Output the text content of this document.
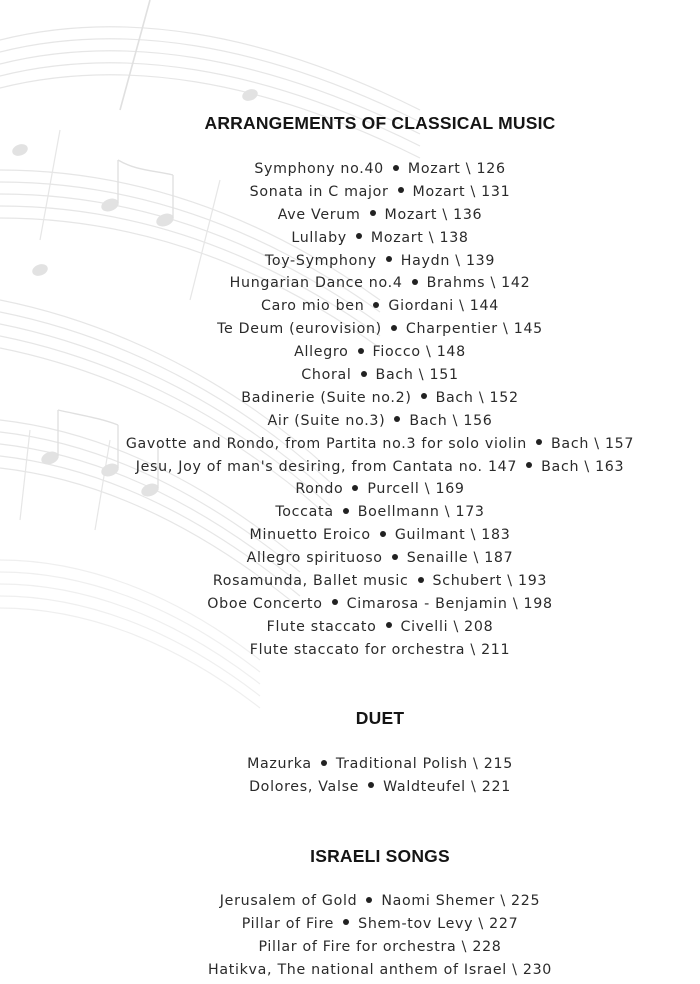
ARRANGEMENTS OF CLASSICAL MUSIC
Symphony no.40 Mozart \ 126
Sonata in C major Mozart \ 131
Ave Verum Mozart \ 136
Lullaby Mozart \ 138
Toy-Symphony Haydn \ 139
Hungarian Dance no.4 Brahms \ 142
Caro mio ben Giordani \ 144
Te Deum (eurovision) Charpentier \ 145
Allegro Fiocco \ 148
Choral Bach \ 151
Badinerie (Suite no.2) Bach \ 152
Air (Suite no.3) Bach \ 156
Gavotte and Rondo, from Partita no.3 for solo violin Bach \ 157
Jesu, Joy of man's desiring, from Cantata no. 147 Bach \ 163
Rondo Purcell \ 169
Toccata Boellmann \ 173
Minuetto Eroico Guilmant \ 183
Allegro spirituoso Senaille \ 187
Rosamunda, Ballet music Schubert \ 193
Oboe Concerto Cimarosa - Benjamin \ 198
Flute staccato Civelli \ 208
Flute staccato for orchestra \ 211
DUET
Mazurka Traditional Polish \ 215
Dolores, Valse Waldteufel \ 221
ISRAELI SONGS
Jerusalem of Gold Naomi Shemer \ 225
Pillar of Fire Shem-tov Levy \ 227
Pillar of Fire for orchestra \ 228
Hatikva, The national anthem of Israel \ 230
